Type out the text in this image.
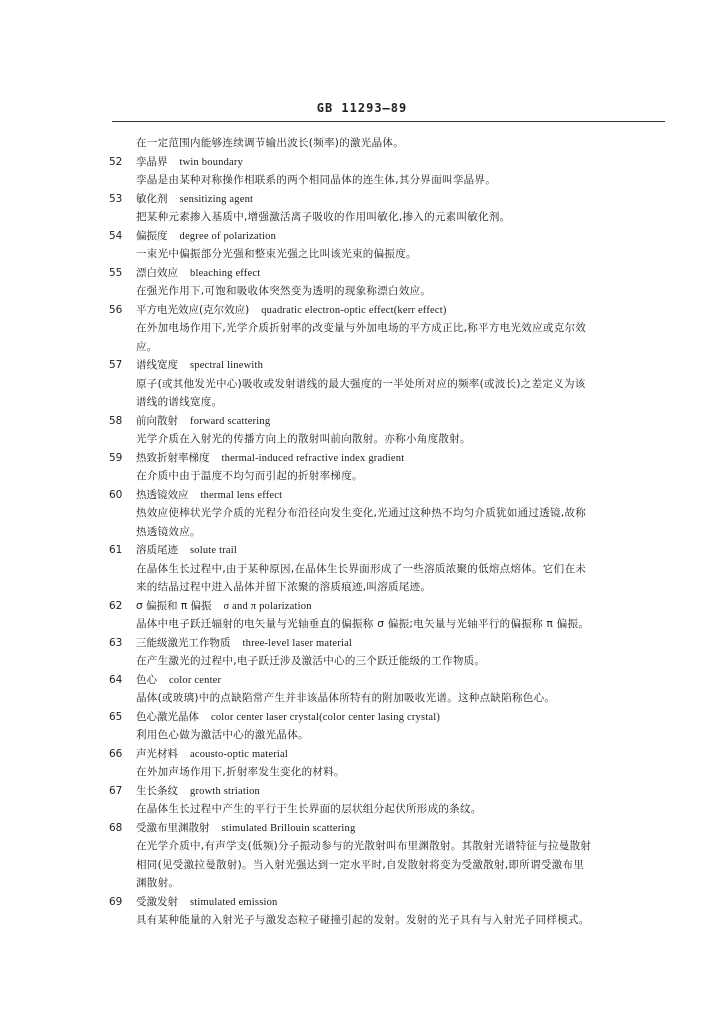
GB 11293—89
在一定范围内能够连续调节输出波长(频率)的激光晶体。
52 孪晶界 twin boundary
孪晶是由某种对称操作相联系的两个相同晶体的连生体,其分界面叫孪晶界。
53 敏化剂 sensitizing agent
把某种元素掺入基质中,增强激活离子吸收的作用叫敏化,掺入的元素叫敏化剂。
54 偏振度 degree of polarization
一束光中偏振部分光强和整束光强之比叫该光束的偏振度。
55 漂白效应 bleaching effect
在强光作用下,可饱和吸收体突然变为透明的现象称漂白效应。
56 平方电光效应(克尔效应) quadratic electron-optic effect(kerr effect)
在外加电场作用下,光学介质折射率的改变量与外加电场的平方成正比,称平方电光效应或克尔效
应。
57 谱线宽度 spectral linewith
原子(或其他发光中心)吸收或发射谱线的最大强度的一半处所对应的频率(或波长)之差定义为该
谱线的谱线宽度。
58 前向散射 forward scattering
光学介质在入射光的传播方向上的散射叫前向散射。亦称小角度散射。
59 热致折射率梯度 thermal-induced refractive index gradient
在介质中由于温度不均匀而引起的折射率梯度。
60 热透镜效应 thermal lens effect
热效应使棒状光学介质的光程分布沿径向发生变化,光通过这种热不均匀介质犹如通过透镜,故称
热透镜效应。
61 溶质尾迹 solute trail
在晶体生长过程中,由于某种原因,在晶体生长界面形成了一些溶质浓聚的低熔点熔体。它们在未
来的结晶过程中进入晶体并留下浓聚的溶质痕迹,叫溶质尾迹。
62 σ 偏振和 π 偏振 σ and π polarization
晶体中电子跃迁辐射的电矢量与光轴垂直的偏振称 σ 偏振;电矢量与光轴平行的偏振称 π 偏振。
63 三能级激光工作物质 three-level laser material
在产生激光的过程中,电子跃迁涉及激活中心的三个跃迁能级的工作物质。
64 色心 color center
晶体(或玻璃)中的点缺陷常产生并非该晶体所特有的附加吸收光谱。这种点缺陷称色心。
65 色心激光晶体 color center laser crystal(color center lasing crystal)
利用色心做为激活中心的激光晶体。
66 声光材料 acousto-optic material
在外加声场作用下,折射率发生变化的材料。
67 生长条纹 growth striation
在晶体生长过程中产生的平行于生长界面的层状组分起伏所形成的条纹。
68 受激布里渊散射 stimulated Brillouin scattering
在光学介质中,有声学支(低频)分子振动参与的光散射叫布里渊散射。其散射光谱特征与拉曼散射
相同(见受激拉曼散射)。当入射光强达到一定水平时,自发散射将变为受激散射,即所谓受激布里
渊散射。
69 受激发射 stimulated emission
具有某种能量的入射光子与激发态粒子碰撞引起的发射。发射的光子具有与入射光子同样模式。
